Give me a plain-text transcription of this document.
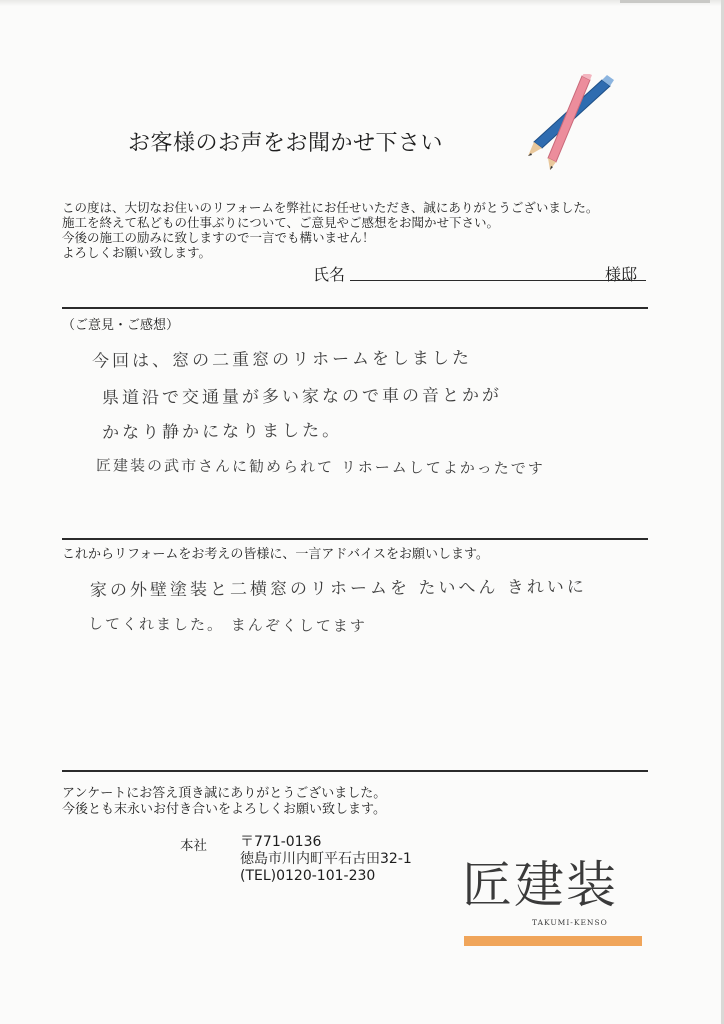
お客様のお声をお聞かせ下さい
この度は、大切なお住いのリフォームを弊社にお任せいただき、誠にありがとうございました。
施工を終えて私どもの仕事ぶりについて、ご意見やご感想をお聞かせ下さい。
今後の施工の励みに致しますので一言でも構いません！
よろしくお願い致します。
氏名	様邸
（ご意見・ご感想）
今回は、窓の二重窓のリホームをしました
県道沿で交通量が多い家なので車の音とかが
かなり静かになりました。
匠建装の武市さんに勧められて リホームしてよかったです
これからリフォームをお考えの皆様に、一言アドバイスをお願いします。
家の外壁塗装と二横窓のリホームを たいへん きれいに
してくれました。 まんぞくしてます
アンケートにお答え頂き誠にありがとうございました。
今後とも末永いお付き合いをよろしくお願い致します。
本社 〒771-0136
徳島市川内町平石古田32-1
(TEL)0120-101-230	匠建装
TAKUMI-KENSO
